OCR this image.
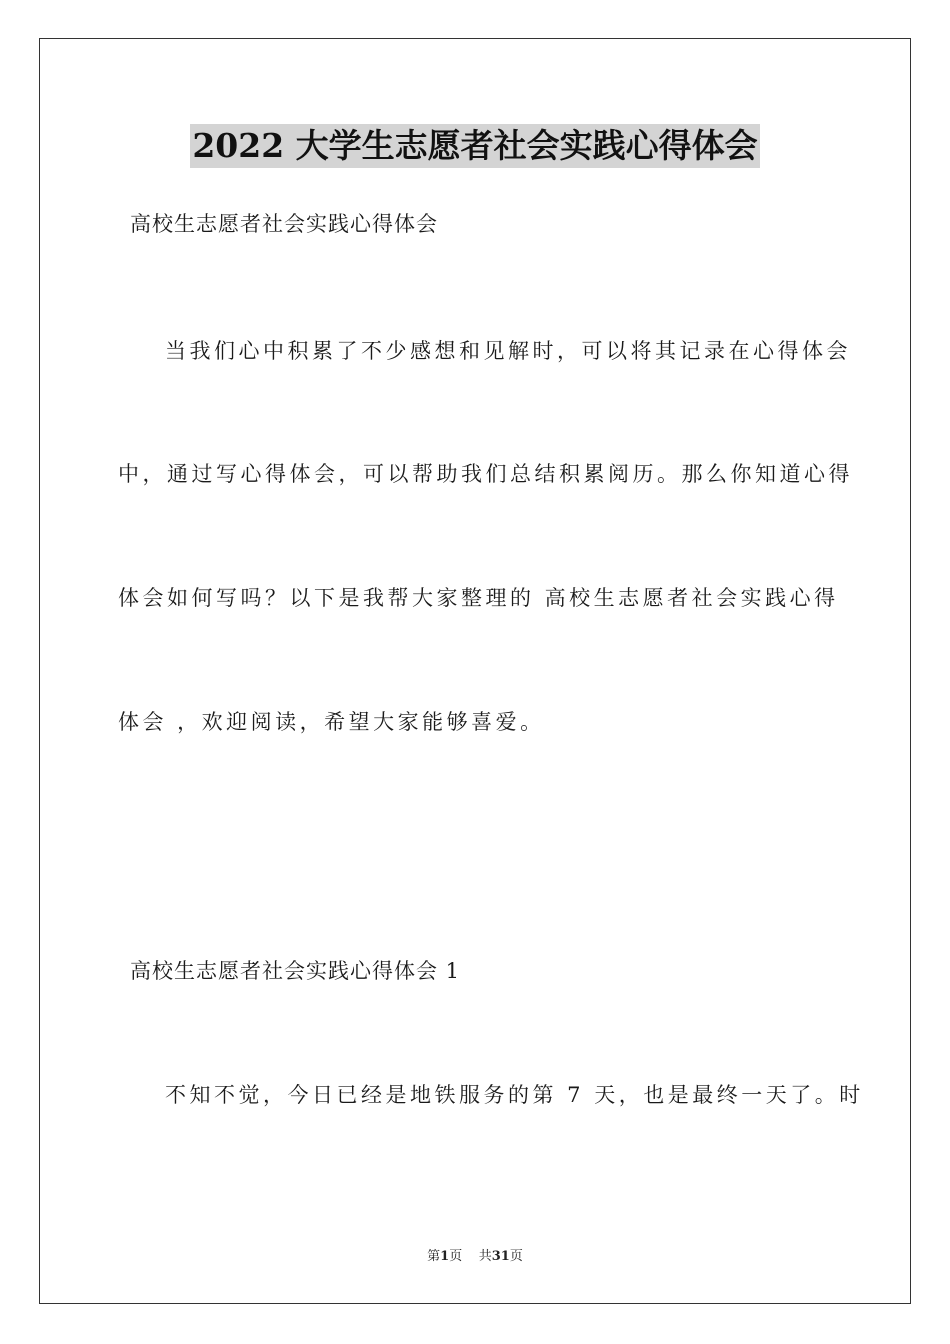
2022 大学生志愿者社会实践心得体会
高校生志愿者社会实践心得体会
当我们心中积累了不少感想和见解时，可以将其记录在心得体会
中，通过写心得体会，可以帮助我们总结积累阅历。那么你知道心得
体会如何写吗？以下是我帮大家整理的 高校生志愿者社会实践心得
体会 ，欢迎阅读，希望大家能够喜爱。
高校生志愿者社会实践心得体会 1
不知不觉，今日已经是地铁服务的第 7 天，也是最终一天了。时
第1页 共31页
